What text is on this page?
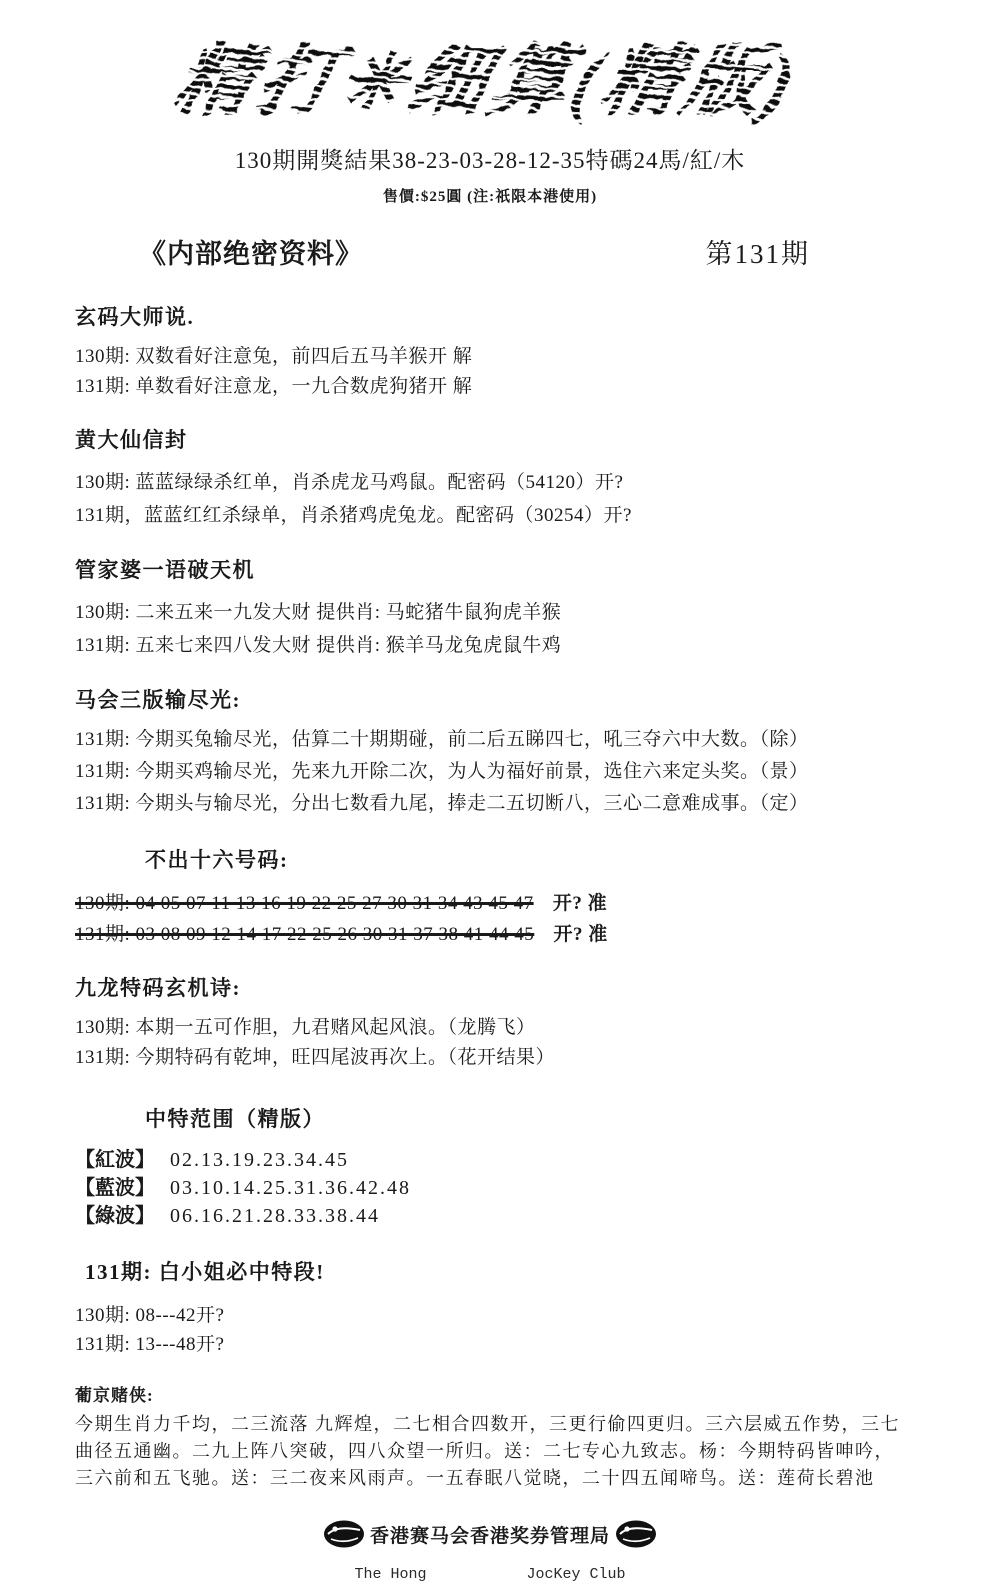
精打✳细算(精版)
130期開獎結果38-23-03-28-12-35特碼24馬/紅/木
售價:$25圓 (注:祇限本港使用)
《内部绝密资料》	第131期
玄码大师说.
130期: 双数看好注意兔，前四后五马羊猴开 解
131期: 单数看好注意龙，一九合数虎狗猪开 解
黄大仙信封
130期: 蓝蓝绿绿杀红单，肖杀虎龙马鸡鼠。配密码（54120）开?
131期，蓝蓝红红杀绿单，肖杀猪鸡虎兔龙。配密码（30254）开?
管家婆一语破天机
130期: 二来五来一九发大财 提供肖: 马蛇猪牛鼠狗虎羊猴
131期: 五来七来四八发大财 提供肖: 猴羊马龙兔虎鼠牛鸡
马会三版输尽光:
131期: 今期买兔输尽光，估算二十期期碰，前二后五睇四七，吼三夺六中大数。（除）
131期: 今期买鸡输尽光，先来九开除二次，为人为福好前景，选住六来定头奖。（景）
131期: 今期头与输尽光，分出七数看九尾，捧走二五切断八，三心二意难成事。（定）
不出十六号码:
130期: 04 05 07 11 13 16 19 22 25 27 30 31 34 43 45 47 开? 准
131期: 03 08 09 12 14 17 22 25 26 30 31 37 38 41 44 45 开? 准
九龙特码玄机诗:
130期: 本期一五可作胆，九君赌风起风浪。（龙腾飞）
131期: 今期特码有乾坤，旺四尾波再次上。（花开结果）
中特范围（精版）
【紅波】 02.13.19.23.34.45
【藍波】 03.10.14.25.31.36.42.48
【綠波】 06.16.21.28.33.38.44
131期: 白小姐必中特段!
130期: 08---42开?
131期: 13---48开?
葡京赌侠:
今期生肖力千均，二三流落 九辉煌，二七相合四数开，三更行偷四更归。三六层威五作势，三七曲径五通幽。二九上阵八突破，四八众望一所归。送：二七专心九致志。杨：今期特码皆呻吟，三六前和五飞驰。送：三二夜来风雨声。一五春眠八觉晓，二十四五闻啼鸟。送：莲荷长碧池
香港赛马会香港奖券管理局
The Hong	JocKey Club
